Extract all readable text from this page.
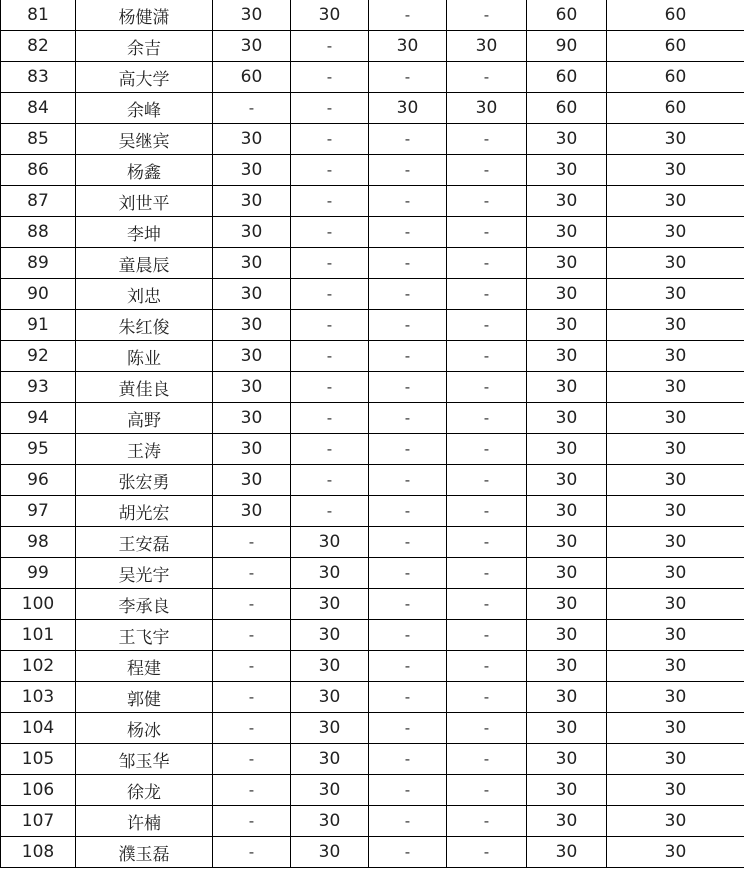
81	杨健潇	30	30	-	-	60	60
82	余吉	30	-	30	30	90	60
83	高大学	60	-	-	-	60	60
84	余峰	-	-	30	30	60	60
85	吴继宾	30	-	-	-	30	30
86	杨鑫	30	-	-	-	30	30
87	刘世平	30	-	-	-	30	30
88	李坤	30	-	-	-	30	30
89	童晨辰	30	-	-	-	30	30
90	刘忠	30	-	-	-	30	30
91	朱红俊	30	-	-	-	30	30
92	陈业	30	-	-	-	30	30
93	黄佳良	30	-	-	-	30	30
94	高野	30	-	-	-	30	30
95	王涛	30	-	-	-	30	30
96	张宏勇	30	-	-	-	30	30
97	胡光宏	30	-	-	-	30	30
98	王安磊	-	30	-	-	30	30
99	吴光宇	-	30	-	-	30	30
100	李承良	-	30	-	-	30	30
101	王飞宇	-	30	-	-	30	30
102	程建	-	30	-	-	30	30
103	郭健	-	30	-	-	30	30
104	杨冰	-	30	-	-	30	30
105	邹玉华	-	30	-	-	30	30
106	徐龙	-	30	-	-	30	30
107	许楠	-	30	-	-	30	30
108	濮玉磊	-	30	-	-	30	30
